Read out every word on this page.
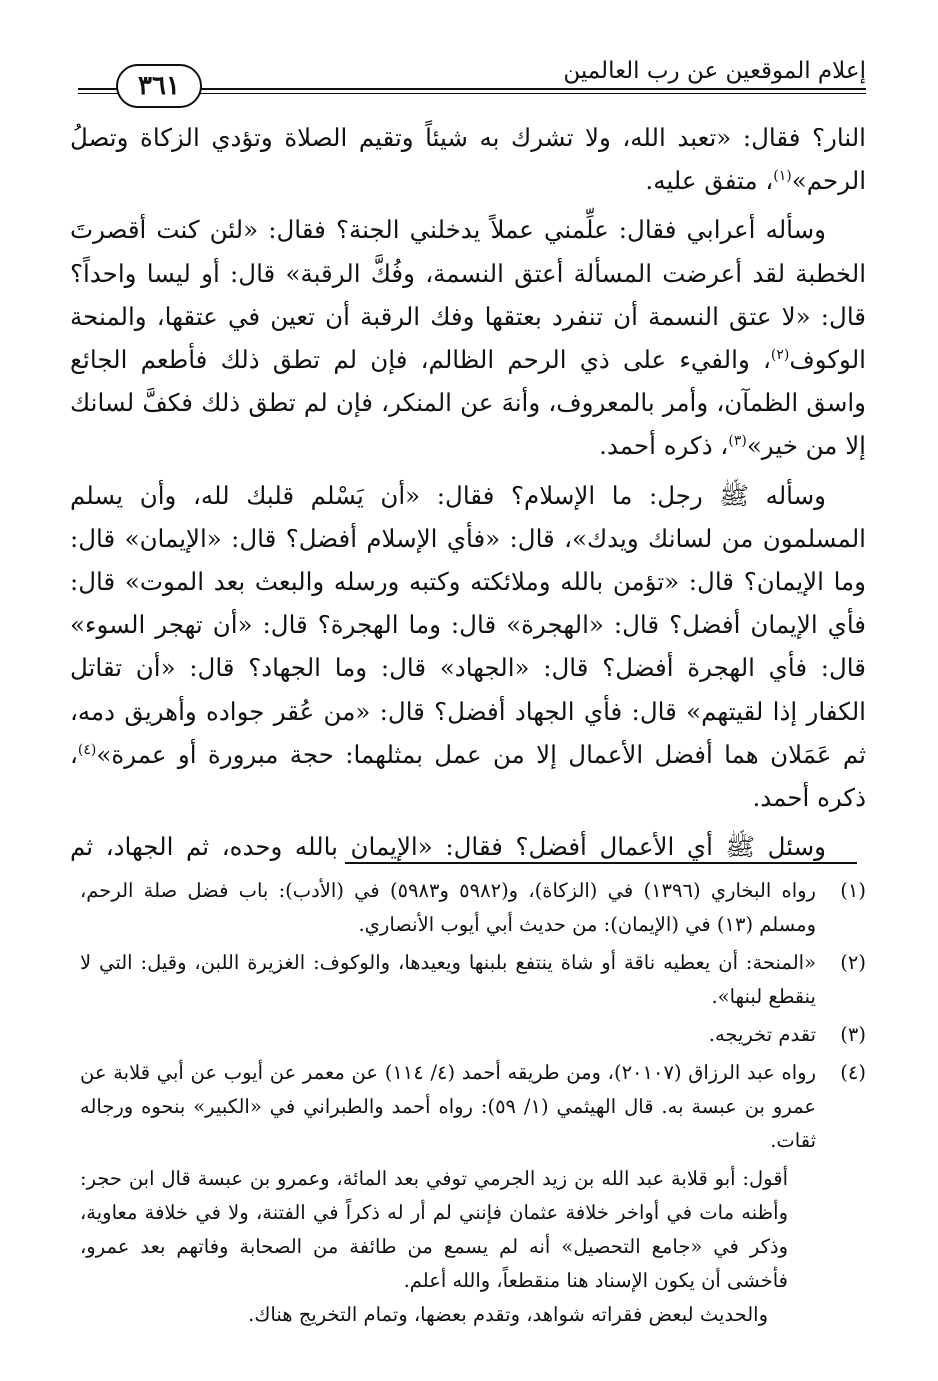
إعلام الموقعين عن رب العالمين
٣٦١

النار؟ فقال: «تعبد الله، ولا تشرك به شيئاً وتقيم الصلاة وتؤدي الزكاة وتصلُ الرحم»$^{(١)}$، متفق عليه.

وسأله أعرابي فقال: علِّمني عملاً يدخلني الجنة؟ فقال: «لئن كنت أقصرتَ الخطبة لقد أعرضت المسألة أعتق النسمة، وفُكَّ الرقبة» قال: أو ليسا واحداً؟ قال: «لا عتق النسمة أن تنفرد بعتقها وفك الرقبة أن تعين في عتقها، والمنحة الوكوف$^{(٢)}$، والفيء على ذي الرحم الظالم، فإن لم تطق ذلك فأطعم الجائع واسق الظمآن، وأمر بالمعروف، وأنهَ عن المنكر، فإن لم تطق ذلك فكفَّ لسانك إلا من خير»$^{(٣)}$، ذكره أحمد.

وسأله ﷺ رجل: ما الإسلام؟ فقال: «أن يَسْلم قلبك لله، وأن يسلم المسلمون من لسانك ويدك»، قال: «فأي الإسلام أفضل؟ قال: «الإيمان» قال: وما الإيمان؟ قال: «تؤمن بالله وملائكته وكتبه ورسله والبعث بعد الموت» قال: فأي الإيمان أفضل؟ قال: «الهجرة» قال: وما الهجرة؟ قال: «أن تهجر السوء» قال: فأي الهجرة أفضل؟ قال: «الجهاد» قال: وما الجهاد؟ قال: «أن تقاتل الكفار إذا لقيتهم» قال: فأي الجهاد أفضل؟ قال: «من عُقر جواده وأهريق دمه، ثم عَمَلان هما أفضل الأعمال إلا من عمل بمثلهما: حجة مبرورة أو عمرة»$^{(٤)}$، ذكره أحمد.

وسئل ﷺ أي الأعمال أفضل؟ فقال: «الإيمان بالله وحده، ثم الجهاد، ثم

(١)
رواه البخاري (١٣٩٦) في (الزكاة)، و(٥٩٨٢ و٥٩٨٣) في (الأدب): باب فضل صلة الرحم، ومسلم (١٣) في (الإيمان): من حديث أبي أيوب الأنصاري.
(٢)
«المنحة: أن يعطيه ناقة أو شاة ينتفع بلبنها ويعيدها، والوكوف: الغزيرة اللبن، وقيل: التي لا ينقطع لبنها».
(٣)
تقدم تخريجه.
(٤)
رواه عبد الرزاق (٢٠١٠٧)، ومن طريقه أحمد (٤/ ١١٤) عن معمر عن أيوب عن أبي قلابة عن عمرو بن عبسة به. قال الهيثمي (١/ ٥٩): رواه أحمد والطبراني في «الكبير» بنحوه ورجاله ثقات.
أقول: أبو قلابة عبد الله بن زيد الجرمي توفي بعد المائة، وعمرو بن عبسة قال ابن حجر: وأظنه مات في أواخر خلافة عثمان فإنني لم أر له ذكراً في الفتنة، ولا في خلافة معاوية، وذكر في «جامع التحصيل» أنه لم يسمع من طائفة من الصحابة وفاتهم بعد عمرو، فأخشى أن يكون الإسناد هنا منقطعاً، والله أعلم.
والحديث لبعض فقراته شواهد، وتقدم بعضها، وتمام التخريج هناك.
